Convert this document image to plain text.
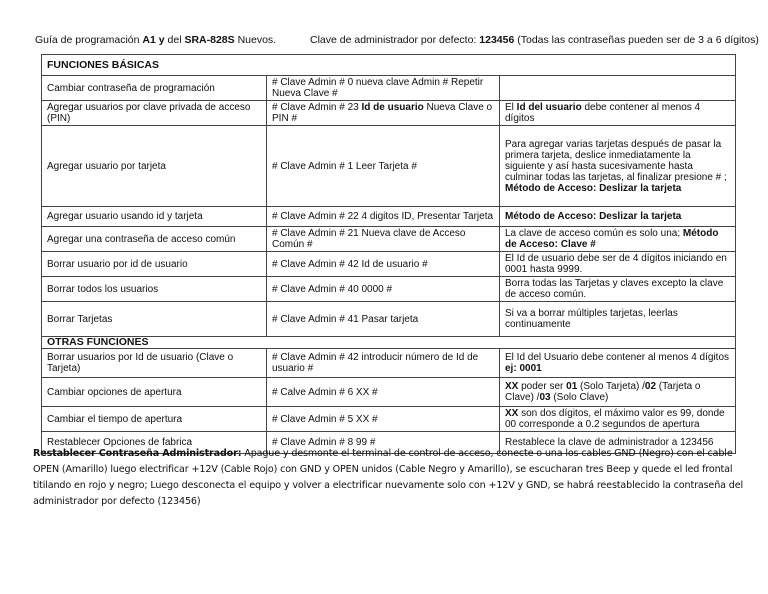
Guía de programación A1 y del SRA-828S Nuevos.	Clave de administrador por defecto: 123456 (Todas las contraseñas pueden ser de 3 a 6 dígitos)
FUNCIONES BÁSICAS		
Cambiar contraseña de programación	# Clave Admin # 0 nueva clave Admin # Repetir Nueva Clave #	
Agregar usuarios por clave privada de acceso (PIN)	# Clave Admin # 23 Id de usuario Nueva Clave o PIN #	El Id del usuario debe contener al menos 4 dígitos
Agregar usuario por tarjeta	# Clave Admin # 1 Leer Tarjeta #	Para agregar varias tarjetas después de pasar la primera tarjeta, deslice inmediatamente la siguiente y así hasta sucesivamente hasta culminar todas las tarjetas, al finalizar presione # ; Método de Acceso: Deslizar la tarjeta
Agregar usuario usando id y tarjeta	# Clave Admin # 22 4 digitos ID, Presentar Tarjeta	Método de Acceso: Deslizar la tarjeta
Agregar una contraseña de acceso común	# Clave Admin # 21 Nueva clave de Acceso Común #	La clave de acceso común es solo una; Método de Acceso: Clave #
Borrar usuario por id de usuario	# Clave Admin # 42 Id de usuario #	El Id de usuario debe ser de 4 dígitos iniciando en 0001 hasta 9999.
Borrar todos los usuarios	# Clave Admin # 40 0000 #	Borra todas las Tarjetas y claves excepto la clave de acceso común.
Borrar Tarjetas	# Clave Admin # 41 Pasar tarjeta	Si va a borrar múltiples tarjetas, leerlas continuamente
OTRAS FUNCIONES		
Borrar usuarios por Id de usuario (Clave o Tarjeta)	# Clave Admin # 42 introducir número de Id de usuario #	El Id del Usuario debe contener al menos 4 dígitos ej: 0001
Cambiar opciones de apertura	# Calve Admin # 6 XX #	XX poder ser 01 (Solo Tarjeta) /02 (Tarjeta o Clave) /03 (Solo Clave)
Cambiar el tiempo de apertura	# Clave Admin # 5 XX #	XX son dos dígitos, el máximo valor es 99, donde 00 corresponde a 0.2 segundos de apertura
Restablecer Opciones de fabrica	# Clave Admin # 8 99 #	Restablece la clave de administrador a 123456
Restablecer Contraseña Administrador: Apague y desmonte el terminal de control de acceso, conecte o una los cables GND (Negro) con el cable OPEN (Amarillo) luego electrificar +12V (Cable Rojo) con GND y OPEN unidos (Cable Negro y Amarillo), se escucharan tres Beep y quede el led frontal titilando en rojo y negro; Luego desconecta el equipo y volver a electrificar nuevamente solo con +12V y GND, se habrá reestablecido la contraseña del administrador por defecto (123456)
